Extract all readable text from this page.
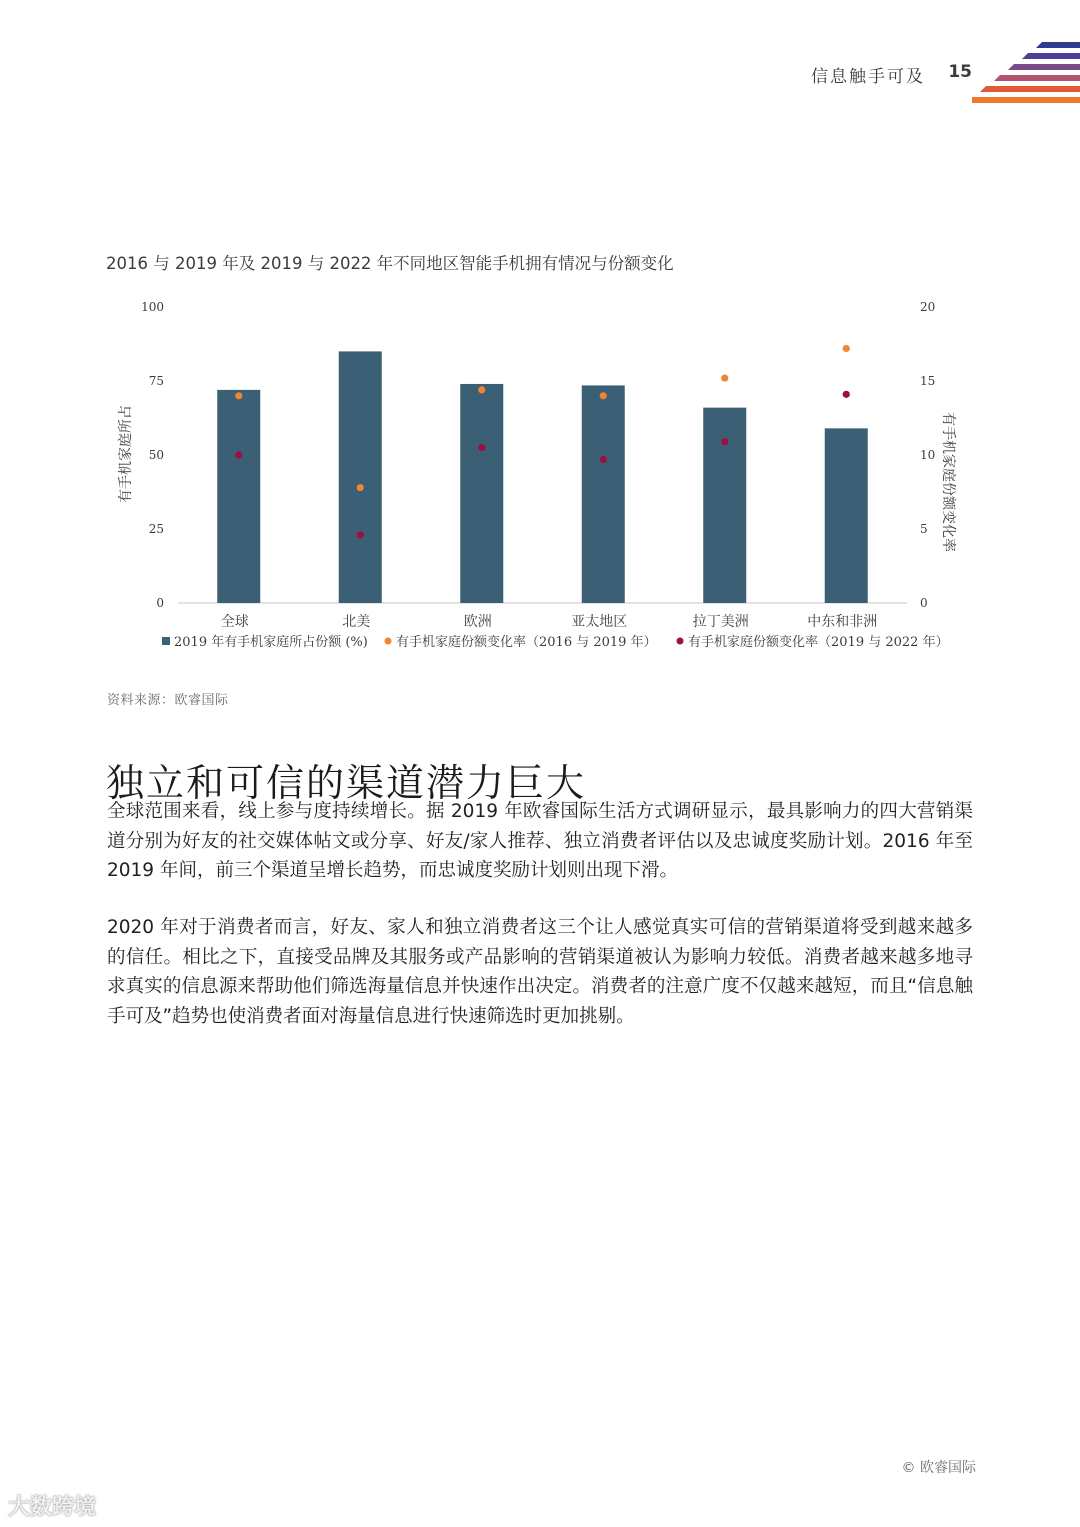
信息触手可及 15
2016 与 2019 年及 2019 与 2022 年不同地区智能手机拥有情况与份额变化
100
75
50
25
0
20
15
10
5
0
全球	北美	欧洲	亚太地区	拉丁美洲	中东和非洲
有手机家庭所占	有手机家庭份额变化率
2019 年有手机家庭所占份额 (%) 有手机家庭份额变化率（2016 与 2019 年） 有手机家庭份额变化率（2019 与 2022 年）
资料来源：欧睿国际
独立和可信的渠道潜力巨大

全球范围来看，线上参与度持续增长。据 2019 年欧睿国际生活方式调研显示，最具影响力的四大营销渠道分别为好友的社交媒体帖文或分享、好友/家人推荐、独立消费者评估以及忠诚度奖励计划。2016 年至 2019 年间，前三个渠道呈增长趋势，而忠诚度奖励计划则出现下滑。

2020 年对于消费者而言，好友、家人和独立消费者这三个让人感觉真实可信的营销渠道将受到越来越多的信任。相比之下，直接受品牌及其服务或产品影响的营销渠道被认为影响力较低。消费者越来越多地寻求真实的信息源来帮助他们筛选海量信息并快速作出决定。消费者的注意广度不仅越来越短，而且“信息触手可及”趋势也使消费者面对海量信息进行快速筛选时更加挑剔。

© 欧睿国际
大数跨境
